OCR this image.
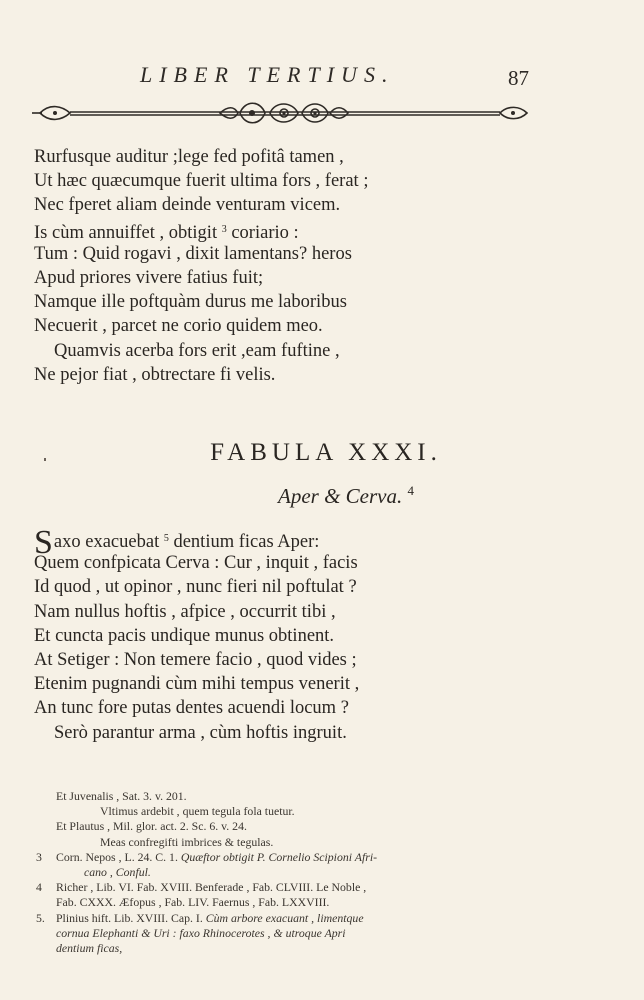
LIBER TERTIUS.	87
Rurfusque auditur ;lege fed pofitâ tamen ,
Ut hæc quæcumque fuerit ultima fors , ferat ;
Nec fperet aliam deinde venturam vicem.
Is cùm annuiffet , obtigit $^3$ coriario :
Tum : Quid rogavi , dixit lamentans? heros
Apud priores vivere fatius fuit;
Namque ille poftquàm durus me laboribus
Necuerit , parcet ne corio quidem meo.
Quamvis acerba fors erit ,eam fuftine ,
Ne pejor fiat , obtrectare fi velis.
FABULA XXXI.
Aper & Cerva. $^4$
Saxo exacuebat $^5$ dentium ficas Aper:
Quem confpicata Cerva : Cur , inquit , facis
Id quod , ut opinor , nunc fieri nil poftulat ?
Nam nullus hoftis , afpice , occurrit tibi ,
Et cuncta pacis undique munus obtinent.
At Setiger : Non temere facio , quod vides ;
Etenim pugnandi cùm mihi tempus venerit ,
An tunc fore putas dentes acuendi locum ?
Serò parantur arma , cùm hoftis ingruit.
Et Juvenalis , Sat. 3. v. 201.
Vltimus ardebit , quem tegula fola tuetur.
Et Plautus , Mil. glor. act. 2. Sc. 6. v. 24.
Meas confregifti imbrices & tegulas.
3 Corn. Nepos , L. 24. C. 1. Quæftor obtigit P. Cornelio Scipioni Afri-
cano , Conful.
4 Richer , Lib. VI. Fab. XVIII. Benferade , Fab. CLVIII. Le Noble ,
Fab. CXXX. Æfopus , Fab. LIV. Faernus , Fab. LXXVIII.
5. Plinius hift. Lib. XVIII. Cap. I. Cùm arbore exacuant , limentque
cornua Elephanti & Uri : faxo Rhinocerotes , & utroque Apri
dentium ficas,
